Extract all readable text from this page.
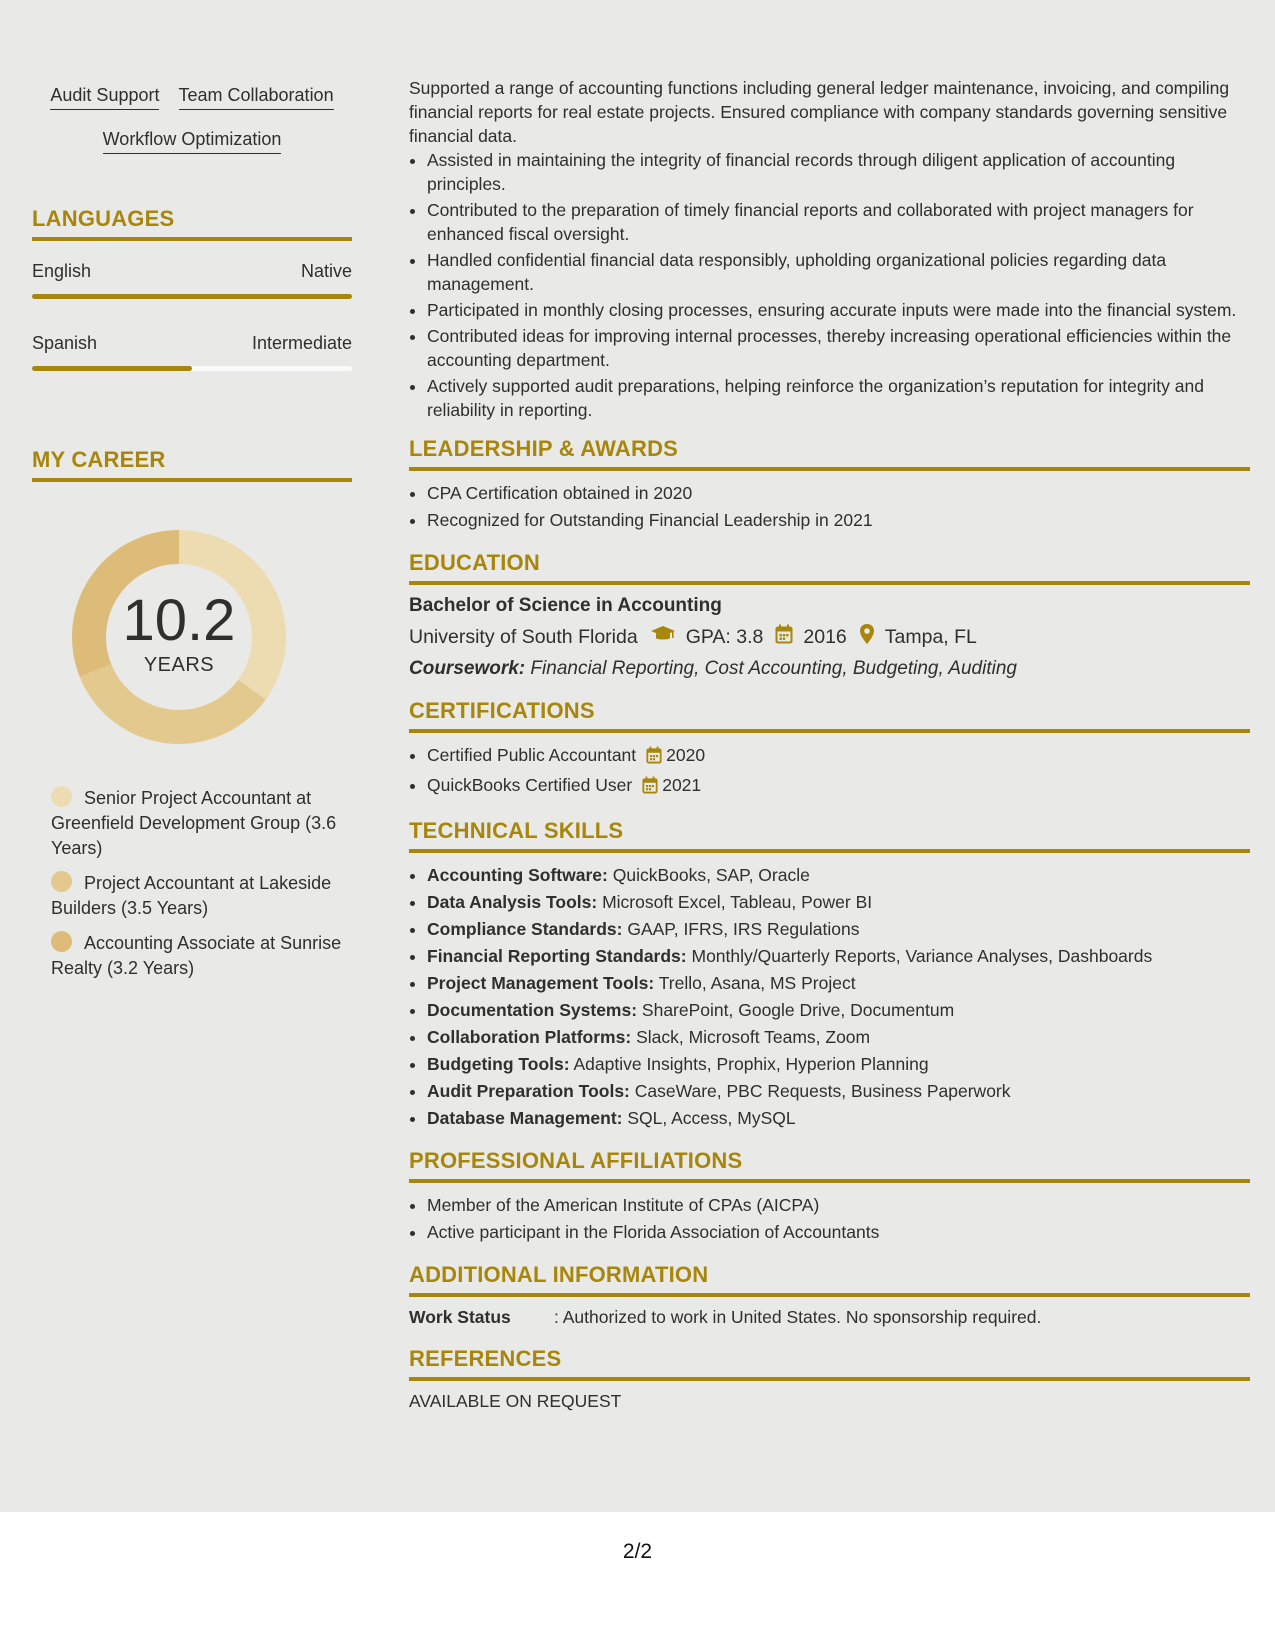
Audit Support Team Collaboration
Workflow Optimization
LANGUAGES
English	Native
Spanish	Intermediate
MY CAREER
10.2
YEARS
Senior Project Accountant at Greenfield Development Group (3.6 Years)
Project Accountant at Lakeside Builders (3.5 Years)
Accounting Associate at Sunrise Realty (3.2 Years)

Supported a range of accounting functions including general ledger maintenance, invoicing, and compiling financial reports for real estate projects. Ensured compliance with company standards governing sensitive financial data.

• Assisted in maintaining the integrity of financial records through diligent application of accounting principles.
• Contributed to the preparation of timely financial reports and collaborated with project managers for enhanced fiscal oversight.
• Handled confidential financial data responsibly, upholding organizational policies regarding data management.
• Participated in monthly closing processes, ensuring accurate inputs were made into the financial system.
• Contributed ideas for improving internal processes, thereby increasing operational efficiencies within the accounting department.
• Actively supported audit preparations, helping reinforce the organization’s reputation for integrity and reliability in reporting.
LEADERSHIP & AWARDS
• CPA Certification obtained in 2020
• Recognized for Outstanding Financial Leadership in 2021
EDUCATION
Bachelor of Science in Accounting
University of South Florida GPA: 3.8 2016 Tampa, FL
Coursework: Financial Reporting, Cost Accounting, Budgeting, Auditing
CERTIFICATIONS
• Certified Public Accountant 2020
• QuickBooks Certified User 2021
TECHNICAL SKILLS
• Accounting Software: QuickBooks, SAP, Oracle
• Data Analysis Tools: Microsoft Excel, Tableau, Power BI
• Compliance Standards: GAAP, IFRS, IRS Regulations
• Financial Reporting Standards: Monthly/Quarterly Reports, Variance Analyses, Dashboards
• Project Management Tools: Trello, Asana, MS Project
• Documentation Systems: SharePoint, Google Drive, Documentum
• Collaboration Platforms: Slack, Microsoft Teams, Zoom
• Budgeting Tools: Adaptive Insights, Prophix, Hyperion Planning
• Audit Preparation Tools: CaseWare, PBC Requests, Business Paperwork
• Database Management: SQL, Access, MySQL
PROFESSIONAL AFFILIATIONS
• Member of the American Institute of CPAs (AICPA)
• Active participant in the Florida Association of Accountants
ADDITIONAL INFORMATION
Work Status	: Authorized to work in United States. No sponsorship required.
REFERENCES
AVAILABLE ON REQUEST
2/2
